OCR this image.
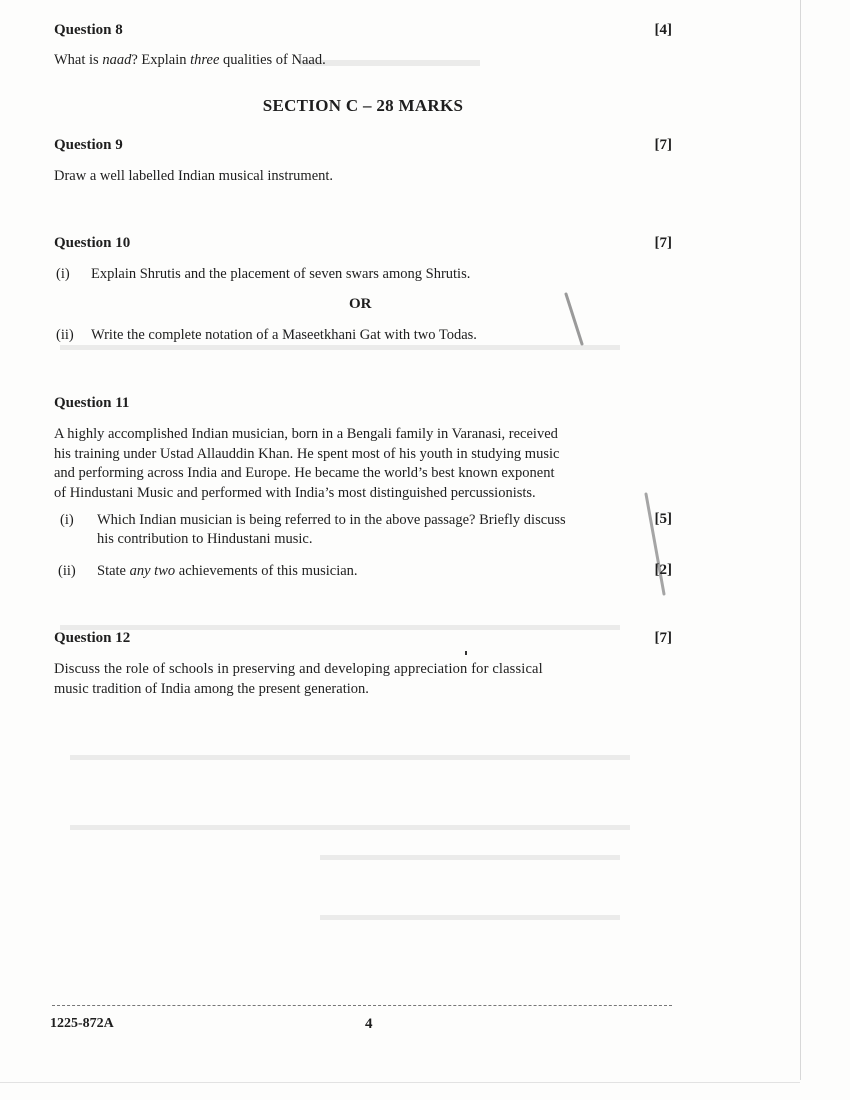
Question 8	[4]
What is naad? Explain three qualities of Naad.
SECTION C – 28 MARKS
Question 9	[7]
Draw a well labelled Indian musical instrument.
Question 10	[7]
(i) Explain Shrutis and the placement of seven swars among Shrutis.
OR
(ii) Write the complete notation of a Maseetkhani Gat with two Todas.
Question 11
A highly accomplished Indian musician, born in a Bengali family in Varanasi, received
his training under Ustad Allauddin Khan. He spent most of his youth in studying music
and performing across India and Europe. He became the world’s best known exponent
of Hindustani Music and performed with India’s most distinguished percussionists.
(i) Which Indian musician is being referred to in the above passage? Briefly discuss
his contribution to Hindustani music.
[5]
(ii) State any two achievements of this musician.	[2]
Question 12	[7]
Discuss the role of schools in preserving and developing appreciation for classical
music tradition of India among the present generation.
1225-872A	4
